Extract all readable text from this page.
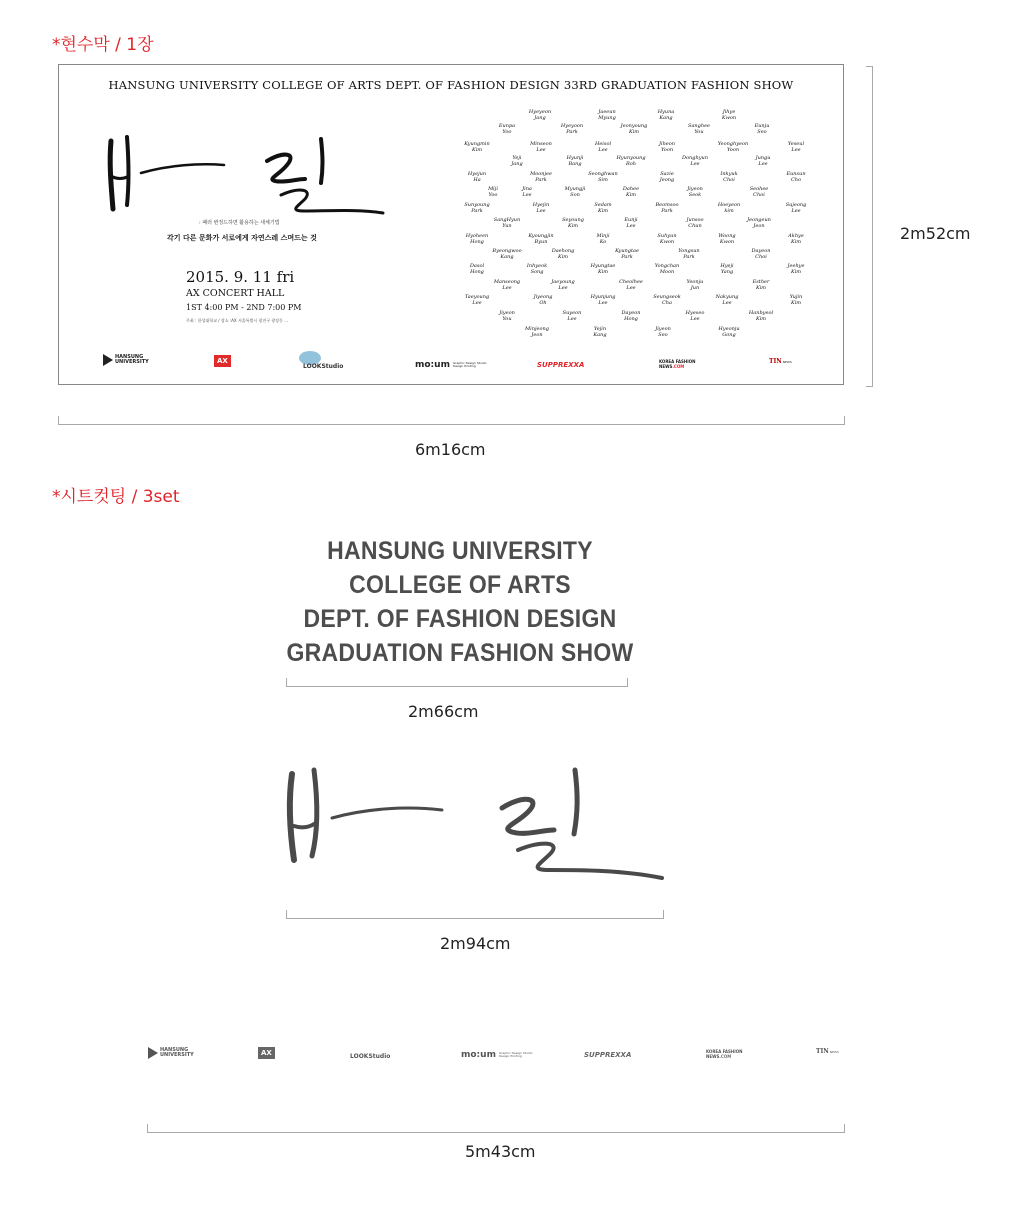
*현수막 / 1장
HANSUNG UNIVERSITY COLLEGE OF ARTS DEPT. OF FASHION DESIGN 33RD GRADUATION FASHION SHOW
: 패러 변정드하면 활용하는 새체기법
각기 다른 문화가 서로에게 자연스레 스며드는 것
2015. 9. 11 fri
AX CONCERT HALL
1ST 4:00 PM - 2ND 7:00 PM
주최 : 한성대학교 / 장소 :AX 서울특별시 광진구 광장동 ...
Hyeyeon
Jang
Jaeeun
Myung
Hyuna
Kang
Jihye
Kwon
Eunpa
Yoo
Hyeyoon
Park
Jeonyoung
Kim
Sanghee
You
Eunju
Seo
Kyungmin
Kim
Minseon
Lee
Heisol
Lee
Jiheon
Yoon
Yeonghyeon
Yoon
Yeseul
Lee
Yeji
Jang
Hyunji
Bang
Hyunyoung
Roh
Donghyun
Lee
Jungu
Lee
Hyejun
Ha
Moonjee
Park
Seonghwan
Sim
Sazie
Jeong
Inkyuk
Choi
Eunsun
Cho
Miji
Yoo
Jina
Lee
Myungji
Son
Dahee
Kim
Jiyeon
Seok
Seohee
Choi
Sunyoung
Park
Hyejin
Lee
Sedam
Kim
Beomsoo
Park
Hoeyeon
kim
Sujeong
Lee
SangHyun
Yun
Seyoung
Kim
Eunji
Lee
Junsoo
Chun
Jeongeun
Jeon
Hyoheen
Hong
Kyoungjin
Byun
Minji
Ko
Suhyun
Kwon
Woong
Kwon
Akhye
Kim
Byeongwoo
Kang
Daehong
Kim
Kyungtae
Park
Yongsun
Park
Dayeon
Choi
Dasol
Hong
Inhyeok
Song
Hyungtae
Kim
Yongchan
Moon
Hyeji
Yang
Jeehye
Kim
Manseong
Lee
Jaeyoung
Lee
Cheolhee
Lee
Yeonju
Jun
Esther
Kim
Taeyoung
Lee
Jiyeong
Oh
Hyunjung
Lee
Seungseok
Cha
Nakyung
Lee
Yujin
Kim
Jiyeon
You
Suyeon
Lee
Dayeon
Hong
Hyeseo
Lee
Hanbyeol
Kim
Minjeong
Jeon
Yejin
Kang
Jiyeon
Seo
Hyeonju
Gong
HANSUNG
UNIVERSITY	AX
LOOKStudio	mo:um Graphic Design Studio
Design Printing	SUPPREXXA	KOREA FASHION
NEWS.COM
TIN NEWS
2m52cm
6m16cm
*시트컷팅 / 3set
HANSUNG UNIVERSITY
COLLEGE OF ARTS
DEPT. OF FASHION DESIGN
GRADUATION FASHION SHOW
2m66cm
2m94cm
HANSUNG
UNIVERSITY	AX	LOOKStudio	mo:um Graphic Design Studio
Design Printing	SUPPREXXA	KOREA FASHION
NEWS.COM
TIN NEWS
5m43cm
